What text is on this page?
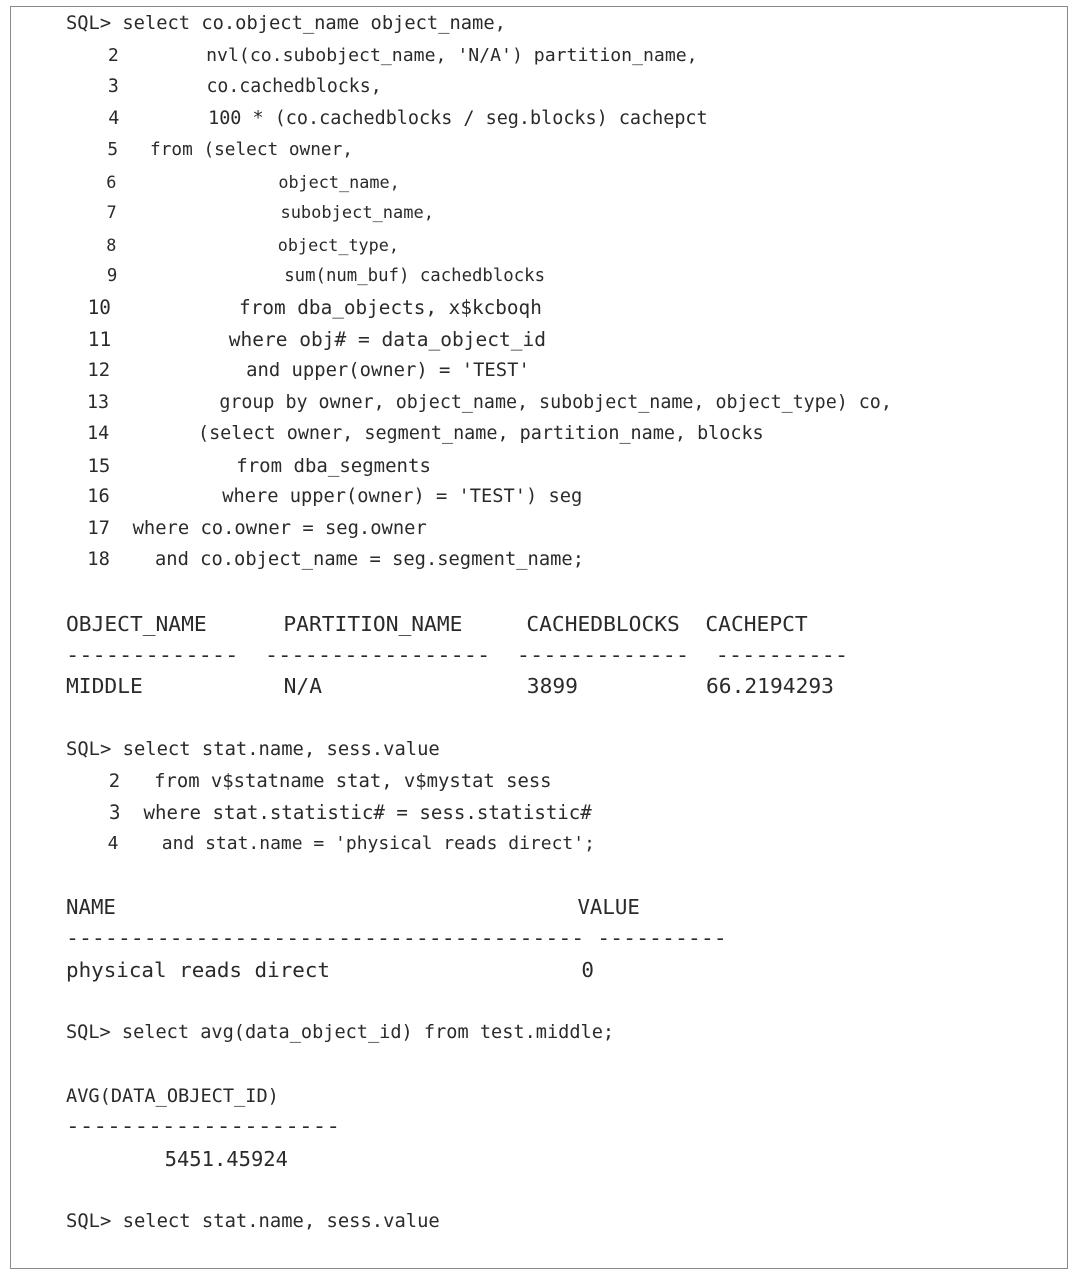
SQL> select co.object_name object_name,
2        nvl(co.subobject_name, 'N/A') partition_name,
3        co.cachedblocks,
4        100 * (co.cachedblocks / seg.blocks) cachepct
5   from (select owner,
6                object_name,
7                subobject_name,
8                object_type,
9                sum(num_buf) cachedblocks
10           from dba_objects, x$kcboqh
11          where obj# = data_object_id
12            and upper(owner) = 'TEST'
13          group by owner, object_name, subobject_name, object_type) co,
14        (select owner, segment_name, partition_name, blocks
15           from dba_segments
16          where upper(owner) = 'TEST') seg
17  where co.owner = seg.owner
18    and co.object_name = seg.segment_name;
OBJECT_NAME      PARTITION_NAME     CACHEDBLOCKS  CACHEPCT
-------------  -----------------  -------------  ----------
MIDDLE           N/A                3899          66.2194293
SQL> select stat.name, sess.value
2   from v$statname stat, v$mystat sess
3  where stat.statistic# = sess.statistic#
4    and stat.name = 'physical reads direct';
NAME                                     VALUE
---------------------------------------- ----------
physical reads direct                    0
SQL> select avg(data_object_id) from test.middle;
AVG(DATA_OBJECT_ID)
--------------------
5451.45924
SQL> select stat.name, sess.value
